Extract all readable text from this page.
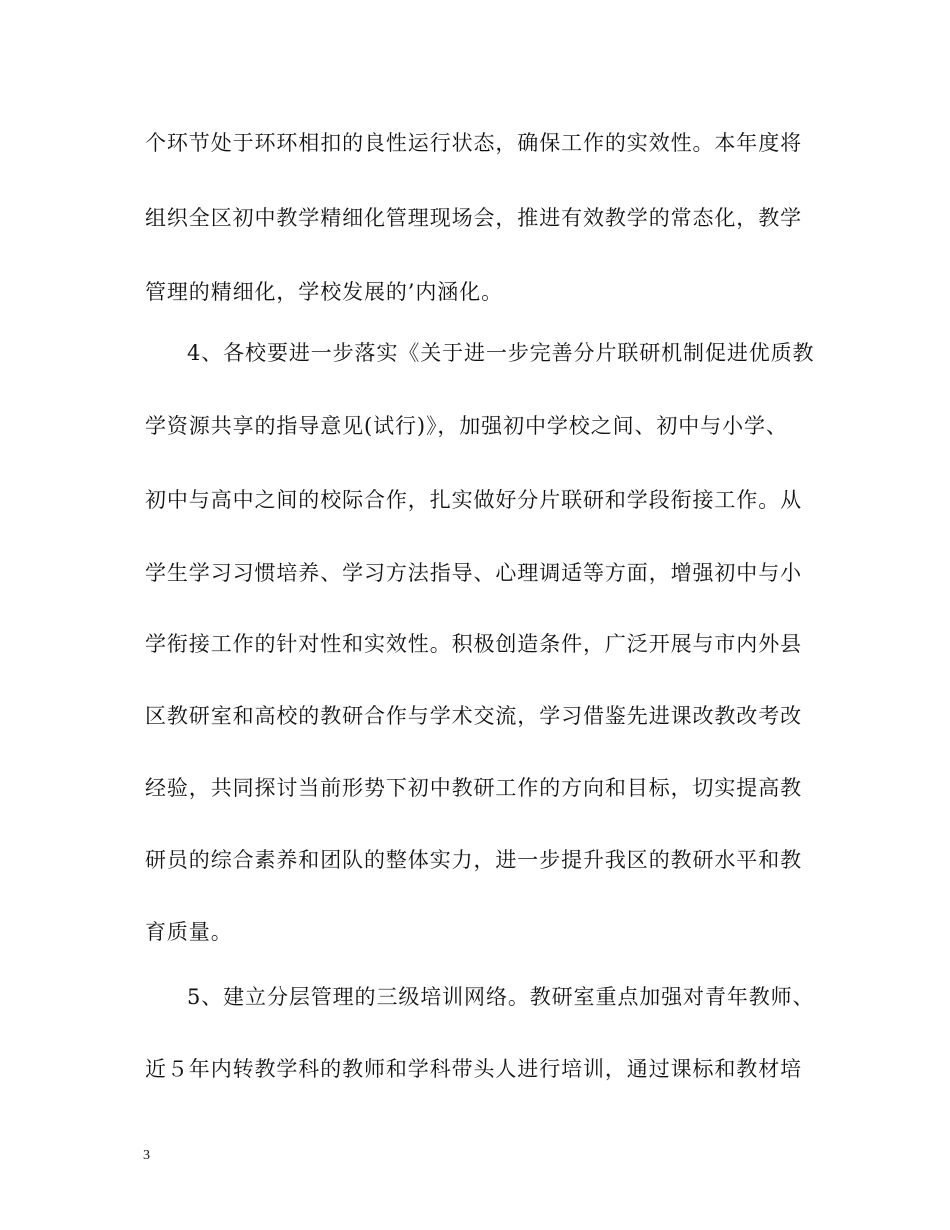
个环节处于环环相扣的良性运行状态，确保工作的实效性。本年度将
组织全区初中教学精细化管理现场会，推进有效教学的常态化，教学
管理的精细化，学校发展的’内涵化。
4、各校要进一步落实《关于进一步完善分片联研机制促进优质教
学资源共享的指导意见(试行)》，加强初中学校之间、初中与小学、
初中与高中之间的校际合作，扎实做好分片联研和学段衔接工作。从
学生学习习惯培养、学习方法指导、心理调适等方面，增强初中与小
学衔接工作的针对性和实效性。积极创造条件，广泛开展与市内外县
区教研室和高校的教研合作与学术交流，学习借鉴先进课改教改考改
经验，共同探讨当前形势下初中教研工作的方向和目标，切实提高教
研员的综合素养和团队的整体实力，进一步提升我区的教研水平和教
育质量。
5、建立分层管理的三级培训网络。教研室重点加强对青年教师、
近５年内转教学科的教师和学科带头人进行培训，通过课标和教材培
3
